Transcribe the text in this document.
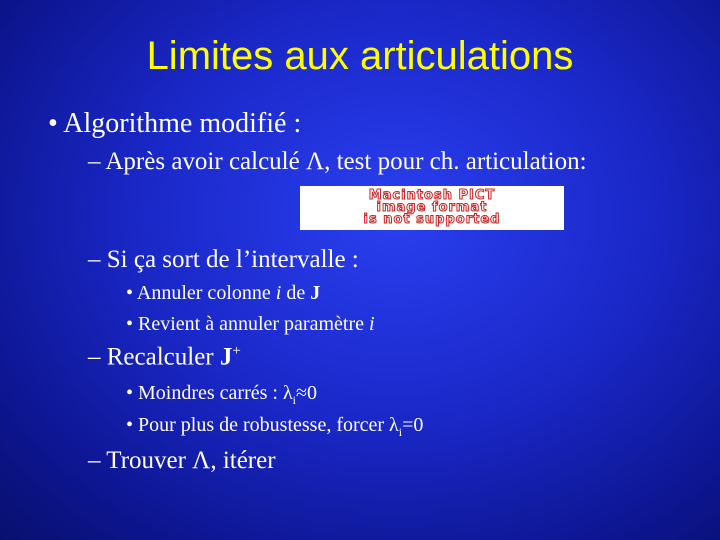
Limites aux articulations
• Algorithme modifié :
– Après avoir calculé Λ, test pour ch. articulation:
Macintosh PICT
image format
is not supported
– Si ça sort de l’intervalle :
• Annuler colonne i de J
• Revient à annuler paramètre i
– Recalculer J+
• Moindres carrés : $\lambda_i\approx 0$
• Pour plus de robustesse, forcer $\lambda_i=0$
– Trouver Λ, itérer
